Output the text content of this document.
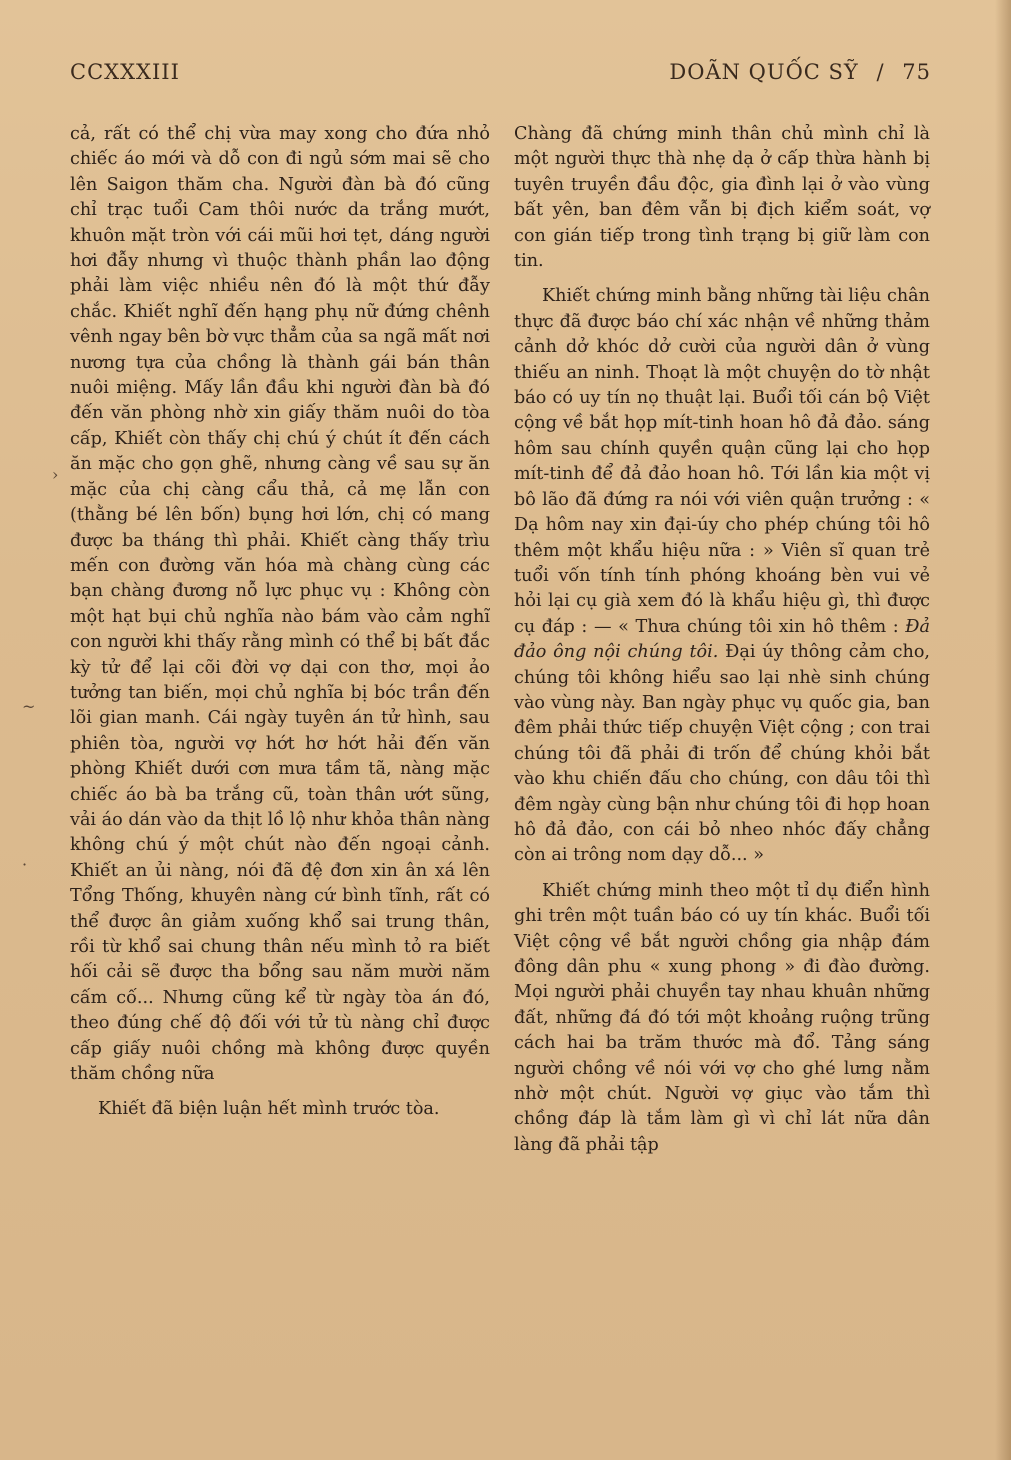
CCXXXIII	DOÃN QUỐC SỸ / 75
›
~
·

cả, rất có thể chị vừa may xong cho đứa nhỏ chiếc áo mới và dỗ con đi ngủ sớm mai sẽ cho lên Saigon thăm cha. Người đàn bà đó cũng chỉ trạc tuổi Cam thôi nước da trắng mướt, khuôn mặt tròn với cái mũi hơi tẹt, dáng người hơi đẫy nhưng vì thuộc thành phần lao động phải làm việc nhiều nên đó là một thứ đẫy chắc. Khiết nghĩ đến hạng phụ nữ đứng chênh vênh ngay bên bờ vực thẳm của sa ngã mất nơi nương tựa của chồng là thành gái bán thân nuôi miệng. Mấy lần đầu khi người đàn bà đó đến văn phòng nhờ xin giấy thăm nuôi do tòa cấp, Khiết còn thấy chị chú ý chút ít đến cách ăn mặc cho gọn ghẽ, nhưng càng về sau sự ăn mặc của chị càng cẩu thả, cả mẹ lẫn con (thằng bé lên bốn) bụng hơi lớn, chị có mang được ba tháng thì phải. Khiết càng thấy trìu mến con đường văn hóa mà chàng cùng các bạn chàng đương nỗ lực phục vụ : Không còn một hạt bụi chủ nghĩa nào bám vào cảm nghĩ con người khi thấy rằng mình có thể bị bất đắc kỳ tử để lại cõi đời vợ dại con thơ, mọi ảo tưởng tan biến, mọi chủ nghĩa bị bóc trần đến lõi gian manh. Cái ngày tuyên án tử hình, sau phiên tòa, người vợ hớt hơ hớt hải đến văn phòng Khiết dưới cơn mưa tầm tã, nàng mặc chiếc áo bà ba trắng cũ, toàn thân ướt sũng, vải áo dán vào da thịt lồ lộ như khỏa thân nàng không chú ý một chút nào đến ngoại cảnh. Khiết an ủi nàng, nói đã đệ đơn xin ân xá lên Tổng Thống, khuyên nàng cứ bình tĩnh, rất có thể được ân giảm xuống khổ sai trung thân, rồi từ khổ sai chung thân nếu mình tỏ ra biết hối cải sẽ được tha bổng sau năm mười năm cấm cố... Nhưng cũng kể từ ngày tòa án đó, theo đúng chế độ đối với tử tù nàng chỉ được cấp giấy nuôi chồng mà không được quyền thăm chồng nữa

Khiết đã biện luận hết mình trước tòa.

Chàng đã chứng minh thân chủ mình chỉ là một người thực thà nhẹ dạ ở cấp thừa hành bị tuyên truyền đầu độc, gia đình lại ở vào vùng bất yên, ban đêm vẫn bị địch kiểm soát, vợ con gián tiếp trong tình trạng bị giữ làm con tin.

Khiết chứng minh bằng những tài liệu chân thực đã được báo chí xác nhận về những thảm cảnh dở khóc dở cười của người dân ở vùng thiếu an ninh. Thoạt là một chuyện do tờ nhật báo có uy tín nọ thuật lại. Buổi tối cán bộ Việt cộng về bắt họp mít-tinh hoan hô đả đảo. sáng hôm sau chính quyền quận cũng lại cho họp mít-tinh để đả đảo hoan hô. Tới lần kia một vị bô lão đã đứng ra nói với viên quận trưởng : « Dạ hôm nay xin đại-úy cho phép chúng tôi hô thêm một khẩu hiệu nữa : » Viên sĩ quan trẻ tuổi vốn tính tính phóng khoáng bèn vui vẻ hỏi lại cụ già xem đó là khẩu hiệu gì, thì được cụ đáp : — « Thưa chúng tôi xin hô thêm : Đả đảo ông nội chúng tôi. Đại úy thông cảm cho, chúng tôi không hiểu sao lại nhè sinh chúng vào vùng này. Ban ngày phục vụ quốc gia, ban đêm phải thức tiếp chuyện Việt cộng ; con trai chúng tôi đã phải đi trốn để chúng khỏi bắt vào khu chiến đấu cho chúng, con dâu tôi thì đêm ngày cùng bận như chúng tôi đi họp hoan hô đả đảo, con cái bỏ nheo nhóc đấy chẳng còn ai trông nom dạy dỗ... »

Khiết chứng minh theo một tỉ dụ điển hình ghi trên một tuần báo có uy tín khác. Buổi tối Việt cộng về bắt người chồng gia nhập đám đông dân phu « xung phong » đi đào đường. Mọi người phải chuyền tay nhau khuân những đất, những đá đó tới một khoảng ruộng trũng cách hai ba trăm thước mà đổ. Tảng sáng người chồng về nói với vợ cho ghé lưng nằm nhờ một chút. Người vợ giục vào tắm thì chồng đáp là tắm làm gì vì chỉ lát nữa dân làng đã phải tập
